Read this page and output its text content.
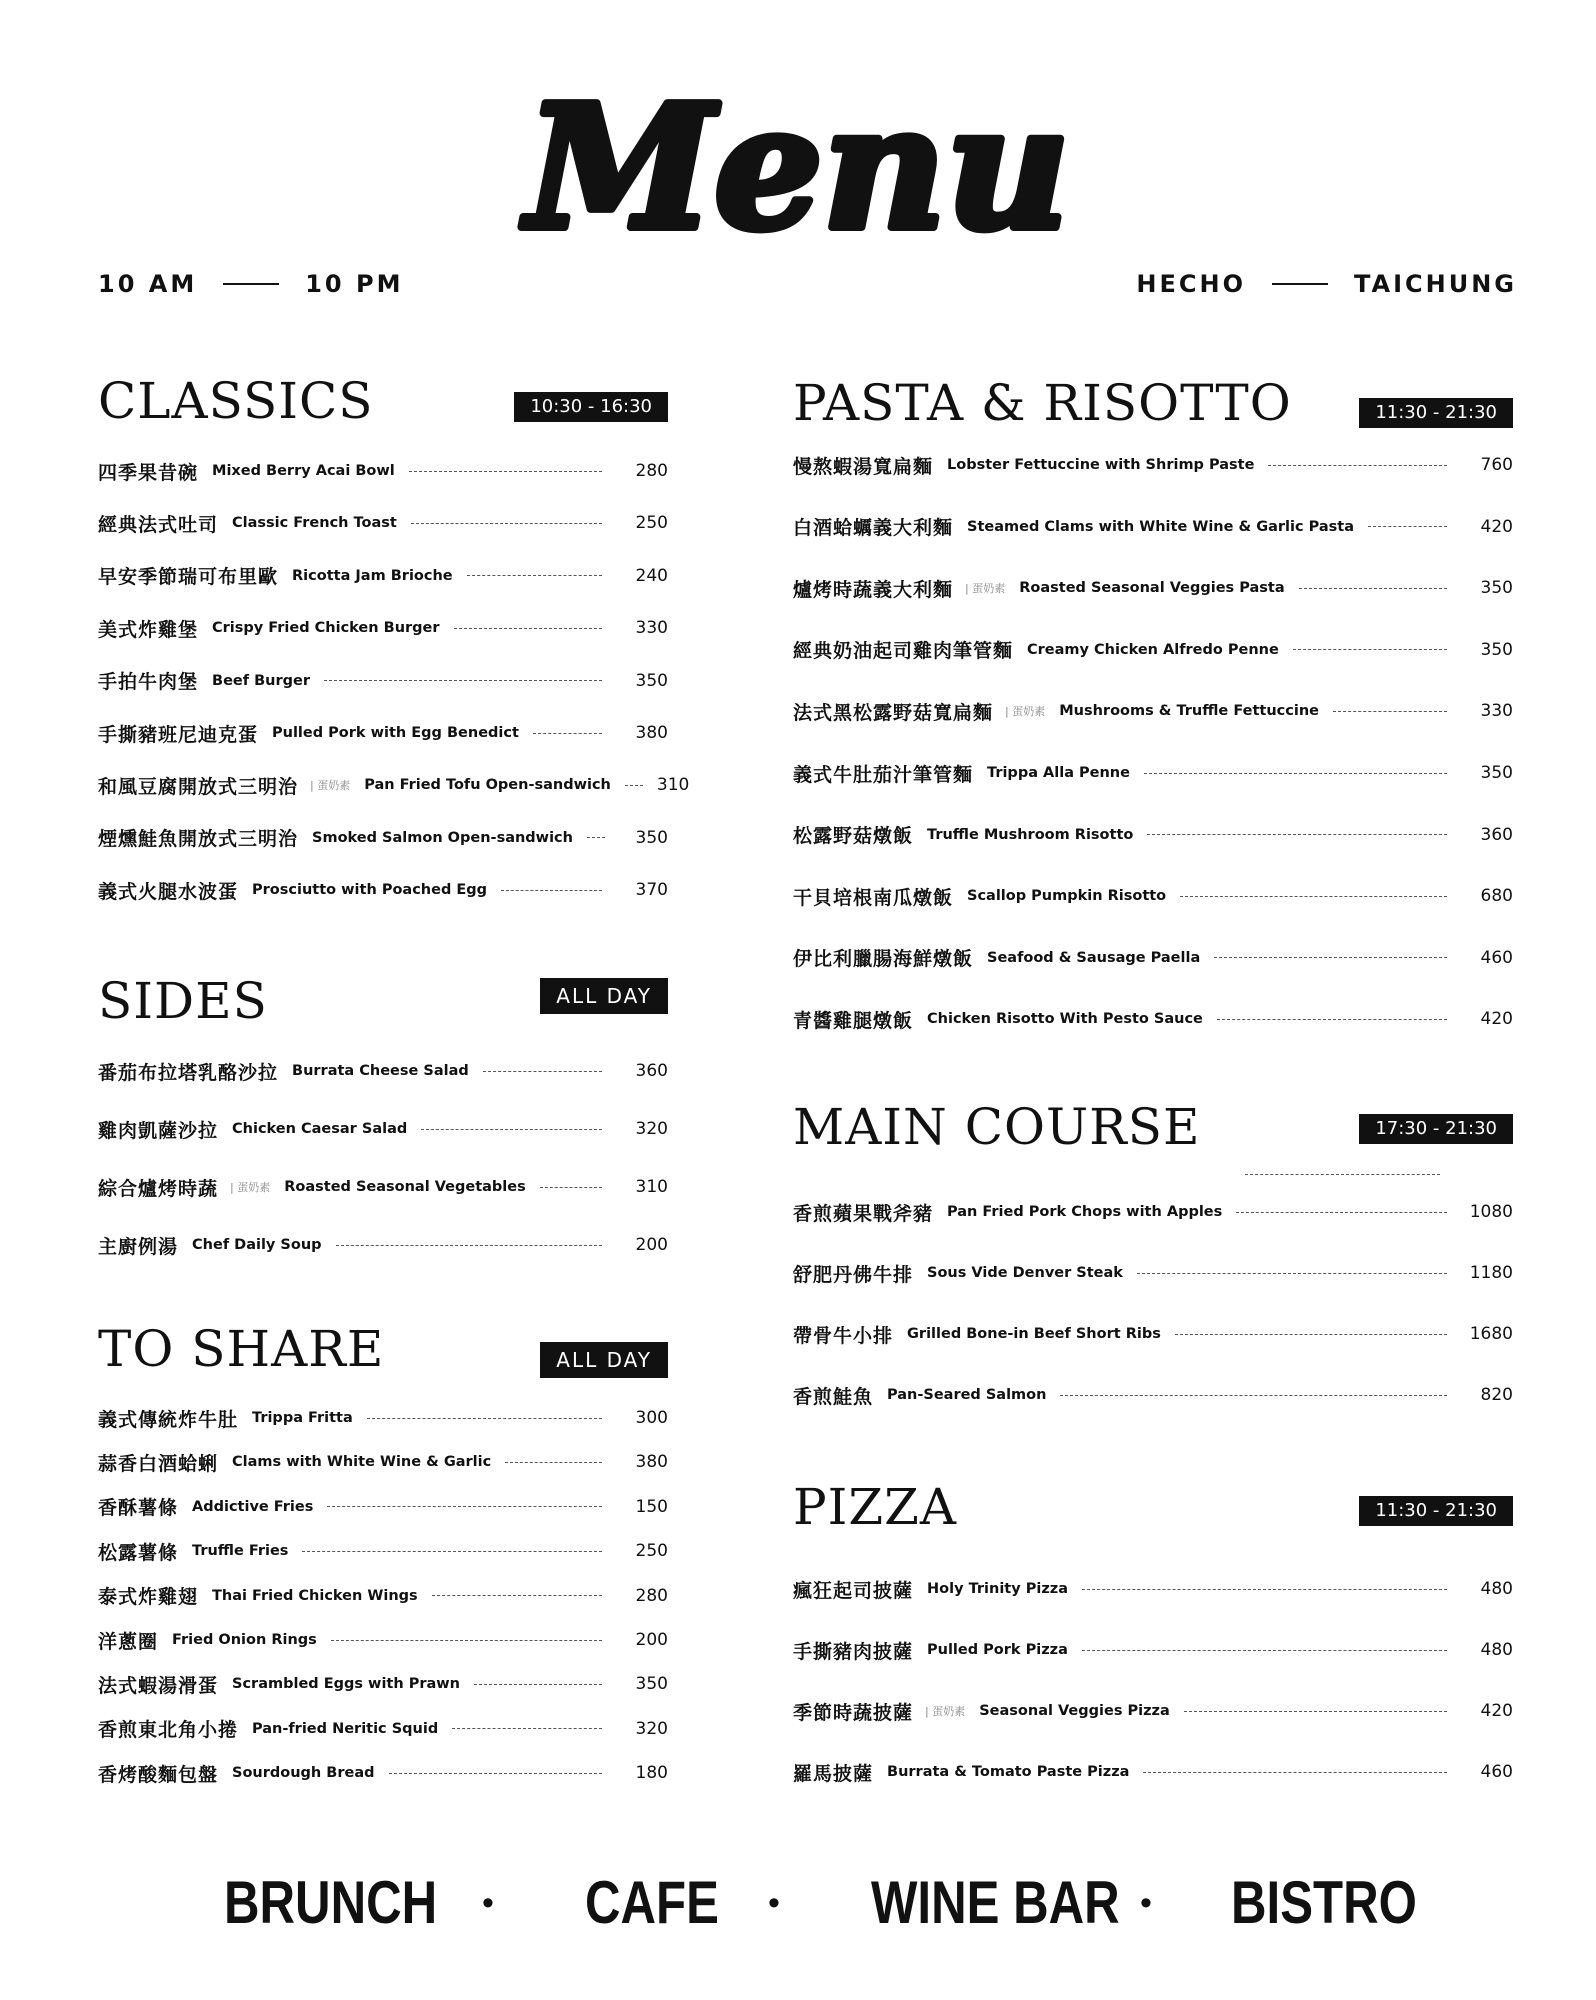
Menu
10 AM	10 PM	HECHO	TAICHUNG
CLASSICS	10:30 - 16:30
四季果昔碗 Mixed Berry Acai Bowl	280
經典法式吐司 Classic French Toast	250
早安季節瑞可布里歐 Ricotta Jam Brioche	240
美式炸雞堡 Crispy Fried Chicken Burger	330
手拍牛肉堡 Beef Burger	350
手撕豬班尼迪克蛋 Pulled Pork with Egg Benedict	380
和風豆腐開放式三明治 | 蛋奶素 Pan Fried Tofu Open-sandwich	310
煙燻鮭魚開放式三明治 Smoked Salmon Open-sandwich	350
義式火腿水波蛋 Prosciutto with Poached Egg	370
SIDES	ALL DAY
番茄布拉塔乳酪沙拉 Burrata Cheese Salad	360
雞肉凱薩沙拉 Chicken Caesar Salad	320
綜合爐烤時蔬 | 蛋奶素 Roasted Seasonal Vegetables	310
主廚例湯 Chef Daily Soup	200
TO SHARE	ALL DAY
義式傳統炸牛肚 Trippa Fritta	300
蒜香白酒蛤蜊 Clams with White Wine & Garlic	380
香酥薯條 Addictive Fries	150
松露薯條 Truffle Fries	250
泰式炸雞翅 Thai Fried Chicken Wings	280
洋蔥圈 Fried Onion Rings	200
法式蝦湯滑蛋 Scrambled Eggs with Prawn	350
香煎東北角小捲 Pan-fried Neritic Squid	320
香烤酸麵包盤 Sourdough Bread	180
PASTA & RISOTTO	11:30 - 21:30
慢熬蝦湯寬扁麵 Lobster Fettuccine with Shrimp Paste	760
白酒蛤蠣義大利麵 Steamed Clams with White Wine & Garlic Pasta	420
爐烤時蔬義大利麵 | 蛋奶素 Roasted Seasonal Veggies Pasta	350
經典奶油起司雞肉筆管麵 Creamy Chicken Alfredo Penne	350
法式黑松露野菇寬扁麵 | 蛋奶素 Mushrooms & Truffle Fettuccine	330
義式牛肚茄汁筆管麵 Trippa Alla Penne	350
松露野菇燉飯 Truffle Mushroom Risotto	360
干貝培根南瓜燉飯 Scallop Pumpkin Risotto	680
伊比利臘腸海鮮燉飯 Seafood & Sausage Paella	460
青醬雞腿燉飯 Chicken Risotto With Pesto Sauce	420
MAIN COURSE	17:30 - 21:30
香煎蘋果戰斧豬 Pan Fried Pork Chops with Apples	1080
舒肥丹佛牛排 Sous Vide Denver Steak	1180
帶骨牛小排 Grilled Bone-in Beef Short Ribs	1680
香煎鮭魚 Pan-Seared Salmon	820
PIZZA	11:30 - 21:30
瘋狂起司披薩 Holy Trinity Pizza	480
手撕豬肉披薩 Pulled Pork Pizza	480
季節時蔬披薩 | 蛋奶素 Seasonal Veggies Pizza	420
羅馬披薩 Burrata & Tomato Paste Pizza	460
BRUNCH • CAFE • WINE BAR • BISTRO
